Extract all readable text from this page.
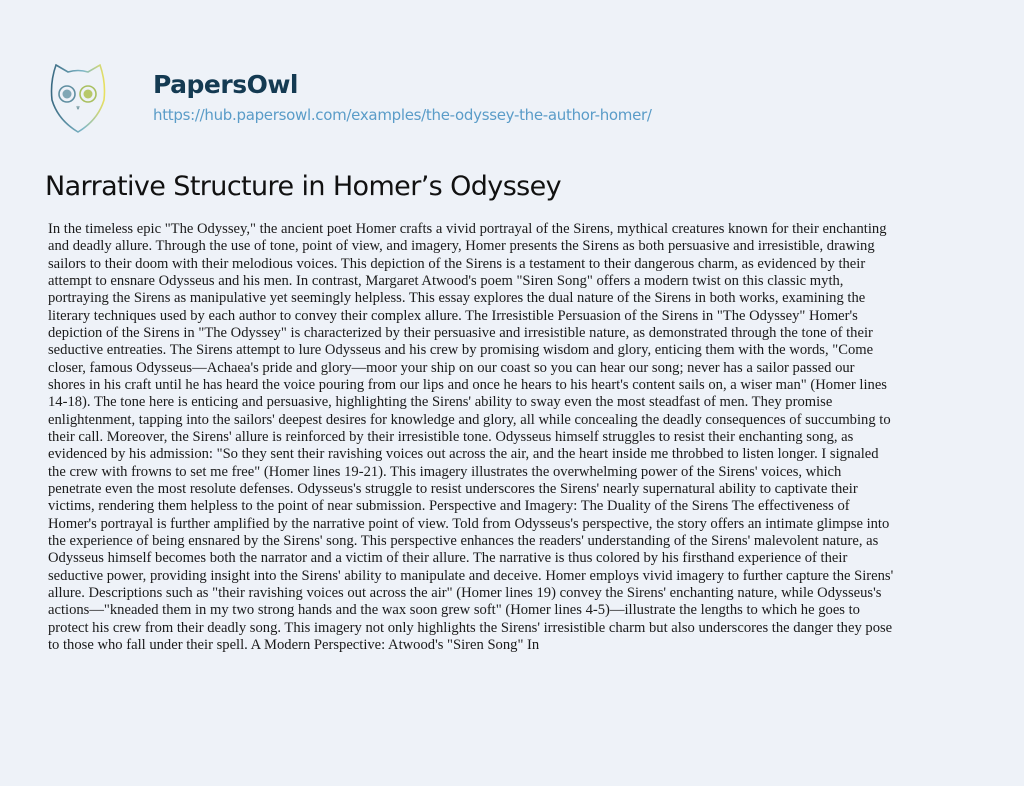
PapersOwl
https://hub.papersowl.com/examples/the-odyssey-the-author-homer/
Narrative Structure in Homer’s Odyssey
In the timeless epic "The Odyssey," the ancient poet Homer crafts a vivid portrayal of the Sirens, mythical creatures known for their enchanting
and deadly allure. Through the use of tone, point of view, and imagery, Homer presents the Sirens as both persuasive and irresistible, drawing
sailors to their doom with their melodious voices. This depiction of the Sirens is a testament to their dangerous charm, as evidenced by their
attempt to ensnare Odysseus and his men. In contrast, Margaret Atwood's poem "Siren Song" offers a modern twist on this classic myth,
portraying the Sirens as manipulative yet seemingly helpless. This essay explores the dual nature of the Sirens in both works, examining the
literary techniques used by each author to convey their complex allure. The Irresistible Persuasion of the Sirens in "The Odyssey" Homer's
depiction of the Sirens in "The Odyssey" is characterized by their persuasive and irresistible nature, as demonstrated through the tone of their
seductive entreaties. The Sirens attempt to lure Odysseus and his crew by promising wisdom and glory, enticing them with the words, "Come
closer, famous Odysseus—Achaea's pride and glory—moor your ship on our coast so you can hear our song; never has a sailor passed our
shores in his craft until he has heard the voice pouring from our lips and once he hears to his heart's content sails on, a wiser man" (Homer lines
14-18). The tone here is enticing and persuasive, highlighting the Sirens' ability to sway even the most steadfast of men. They promise
enlightenment, tapping into the sailors' deepest desires for knowledge and glory, all while concealing the deadly consequences of succumbing to
their call. Moreover, the Sirens' allure is reinforced by their irresistible tone. Odysseus himself struggles to resist their enchanting song, as
evidenced by his admission: "So they sent their ravishing voices out across the air, and the heart inside me throbbed to listen longer. I signaled
the crew with frowns to set me free" (Homer lines 19-21). This imagery illustrates the overwhelming power of the Sirens' voices, which
penetrate even the most resolute defenses. Odysseus's struggle to resist underscores the Sirens' nearly supernatural ability to captivate their
victims, rendering them helpless to the point of near submission. Perspective and Imagery: The Duality of the Sirens The effectiveness of
Homer's portrayal is further amplified by the narrative point of view. Told from Odysseus's perspective, the story offers an intimate glimpse into
the experience of being ensnared by the Sirens' song. This perspective enhances the readers' understanding of the Sirens' malevolent nature, as
Odysseus himself becomes both the narrator and a victim of their allure. The narrative is thus colored by his firsthand experience of their
seductive power, providing insight into the Sirens' ability to manipulate and deceive. Homer employs vivid imagery to further capture the Sirens'
allure. Descriptions such as "their ravishing voices out across the air" (Homer lines 19) convey the Sirens' enchanting nature, while Odysseus's
actions—"kneaded them in my two strong hands and the wax soon grew soft" (Homer lines 4-5)—illustrate the lengths to which he goes to
protect his crew from their deadly song. This imagery not only highlights the Sirens' irresistible charm but also underscores the danger they pose
to those who fall under their spell. A Modern Perspective: Atwood's "Siren Song" In
